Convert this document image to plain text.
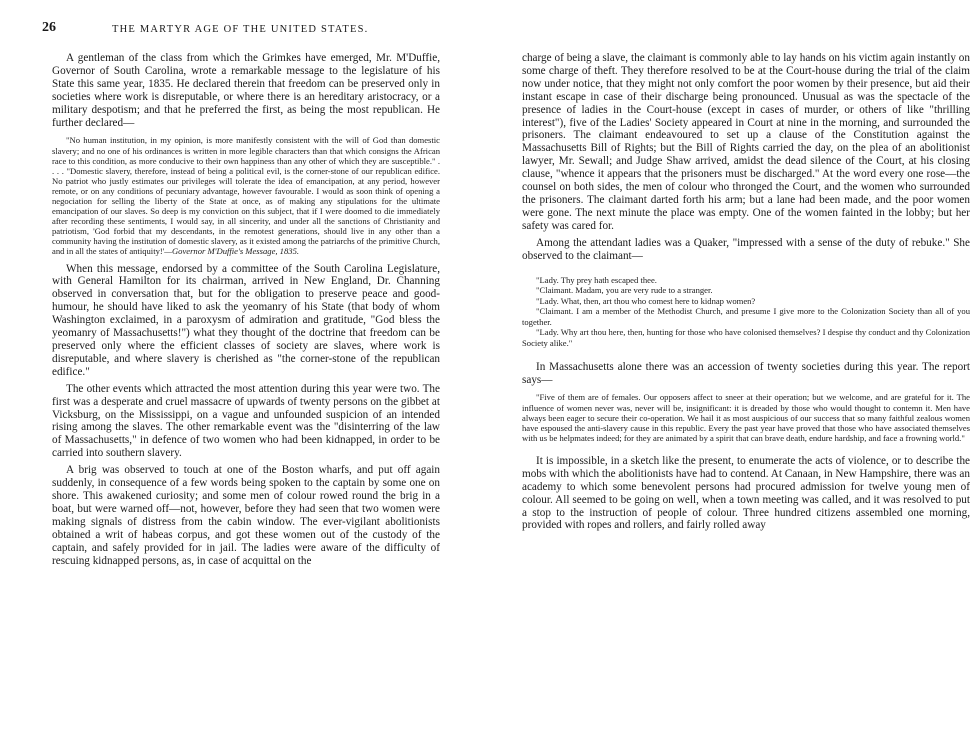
26	THE MARTYR AGE OF THE UNITED STATES.

A gentleman of the class from which the Grimkes have emerged, Mr. M'Duffie, Governor of South Carolina, wrote a remarkable message to the legislature of his State this same year, 1835. He declared therein that freedom can be preserved only in societies where work is disreputable, or where there is an hereditary aristocracy, or a military despotism; and that he preferred the first, as being the most republican. He further declared—

"No human institution, in my opinion, is more manifestly consistent with the will of God than domestic slavery; and no one of his ordinances is written in more legible characters than that which consigns the African race to this condition, as more conducive to their own happiness than any other of which they are susceptible." . . . . "Domestic slavery, therefore, instead of being a political evil, is the corner-stone of our republican edifice. No patriot who justly estimates our privileges will tolerate the idea of emancipation, at any period, however remote, or on any conditions of pecuniary advantage, however favourable. I would as soon think of opening a negociation for selling the liberty of the State at once, as of making any stipulations for the ultimate emancipation of our slaves. So deep is my conviction on this subject, that if I were doomed to die immediately after recording these sentiments, I would say, in all sincerity, and under all the sanctions of Christianity and patriotism, 'God forbid that my descendants, in the remotest generations, should live in any other than a community having the institution of domestic slavery, as it existed among the patriarchs of the primitive Church, and in all the states of antiquity!'—Governor M'Duffie's Message, 1835.

When this message, endorsed by a committee of the South Carolina Legislature, with General Hamilton for its chairman, arrived in New England, Dr. Channing observed in conversation that, but for the obligation to preserve peace and good-humour, he should have liked to ask the yeomanry of his State (that body of whom Washington exclaimed, in a paroxysm of admiration and gratitude, "God bless the yeomanry of Massachusetts!") what they thought of the doctrine that freedom can be preserved only where the efficient classes of society are slaves, where work is disreputable, and where slavery is cherished as "the corner-stone of the republican edifice."

The other events which attracted the most attention during this year were two. The first was a desperate and cruel massacre of upwards of twenty persons on the gibbet at Vicksburg, on the Mississippi, on a vague and unfounded suspicion of an intended rising among the slaves. The other remarkable event was the "disinterring of the law of Massachusetts," in defence of two women who had been kidnapped, in order to be carried into southern slavery.

A brig was observed to touch at one of the Boston wharfs, and put off again suddenly, in consequence of a few words being spoken to the captain by some one on shore. This awakened curiosity; and some men of colour rowed round the brig in a boat, but were warned off—not, however, before they had seen that two women were making signals of distress from the cabin window. The ever-vigilant abolitionists obtained a writ of habeas corpus, and got these women out of the custody of the captain, and safely provided for in jail. The ladies were aware of the difficulty of rescuing kidnapped persons, as, in case of acquittal on the

charge of being a slave, the claimant is commonly able to lay hands on his victim again instantly on some charge of theft. They therefore resolved to be at the Court-house during the trial of the claim now under notice, that they might not only comfort the poor women by their presence, but aid their instant escape in case of their discharge being pronounced. Unusual as was the spectacle of the presence of ladies in the Court-house (except in cases of murder, or others of like "thrilling interest"), five of the Ladies' Society appeared in Court at nine in the morning, and surrounded the prisoners. The claimant endeavoured to set up a clause of the Constitution against the Massachusetts Bill of Rights; but the Bill of Rights carried the day, on the plea of an abolitionist lawyer, Mr. Sewall; and Judge Shaw arrived, amidst the dead silence of the Court, at his closing clause, "whence it appears that the prisoners must be discharged." At the word every one rose—the counsel on both sides, the men of colour who thronged the Court, and the women who surrounded the prisoners. The claimant darted forth his arm; but a lane had been made, and the poor women were gone. The next minute the place was empty. One of the women fainted in the lobby; but her safety was cared for.

Among the attendant ladies was a Quaker, "impressed with a sense of the duty of rebuke." She observed to the claimant—

"Lady. Thy prey hath escaped thee.

"Claimant. Madam, you are very rude to a stranger.

"Lady. What, then, art thou who comest here to kidnap women?

"Claimant. I am a member of the Methodist Church, and presume I give more to the Colonization Society than all of you together.

"Lady. Why art thou here, then, hunting for those who have colonised themselves? I despise thy conduct and thy Colonization Society alike."

In Massachusetts alone there was an accession of twenty societies during this year. The report says—

"Five of them are of females. Our opposers affect to sneer at their operation; but we welcome, and are grateful for it. The influence of women never was, never will be, insignificant: it is dreaded by those who would thought to contemn it. Men have always been eager to secure their co-operation. We hail it as most auspicious of our success that so many faithful zealous women have espoused the anti-slavery cause in this republic. Every the past year have proved that those who have associated themselves with us be helpmates indeed; for they are animated by a spirit that can brave death, endure hardship, and face a frowning world."

It is impossible, in a sketch like the present, to enumerate the acts of violence, or to describe the mobs with which the abolitionists have had to contend. At Canaan, in New Hampshire, there was an academy to which some benevolent persons had procured admission for twelve young men of colour. All seemed to be going on well, when a town meeting was called, and it was resolved to put a stop to the instruction of people of colour. Three hundred citizens assembled one morning, provided with ropes and rollers, and fairly rolled away
